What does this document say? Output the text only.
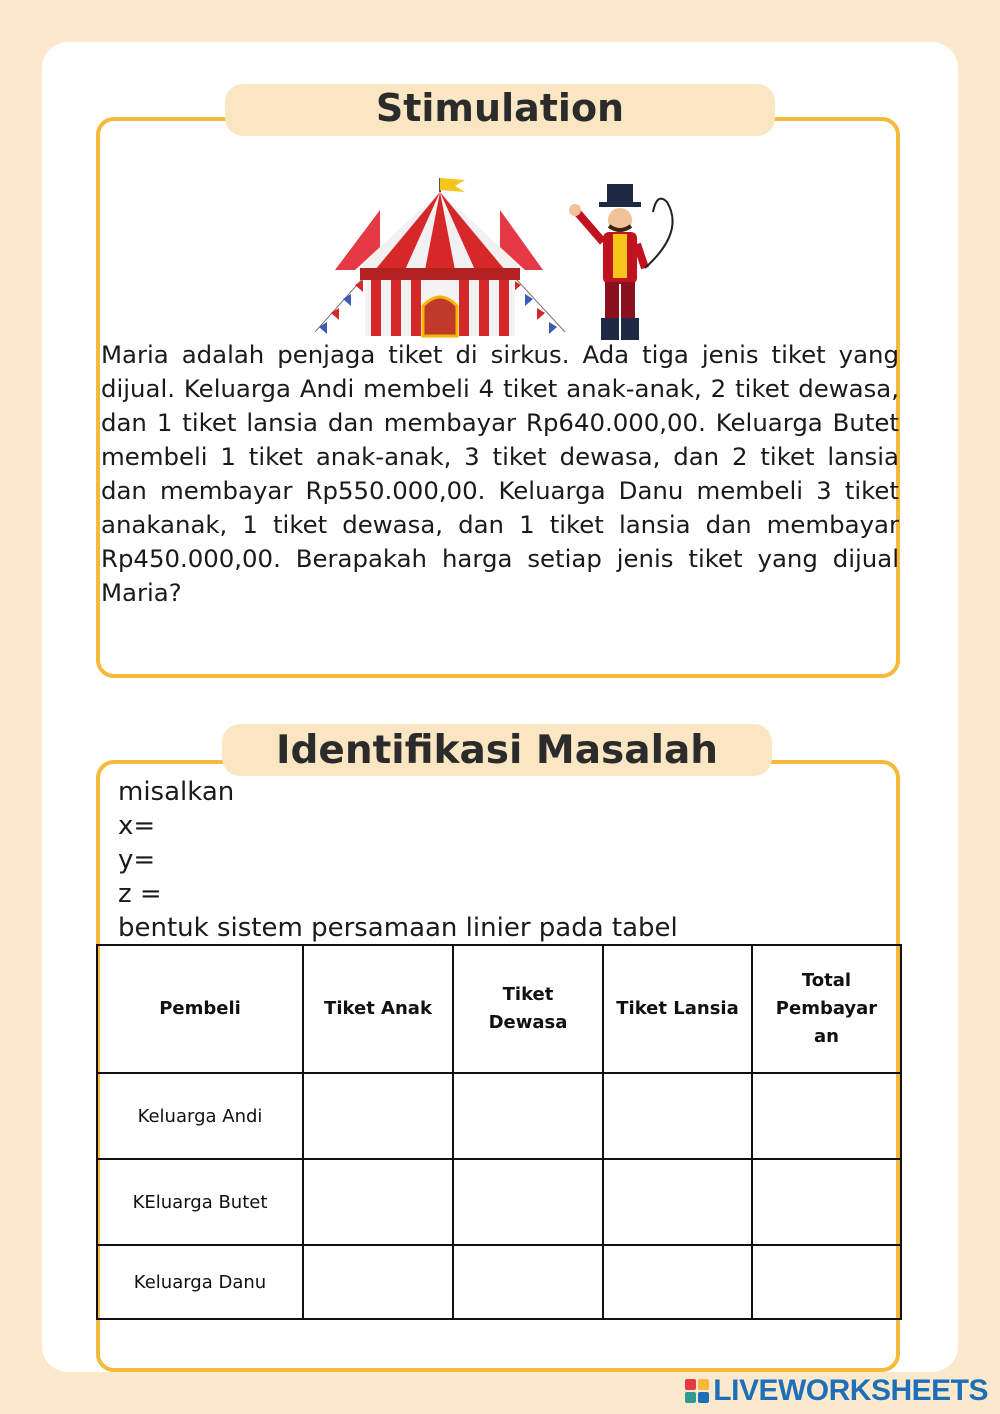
Stimulation

Maria adalah penjaga tiket di sirkus. Ada tiga jenis tiket yang dijual. Keluarga Andi membeli 4 tiket anak-anak, 2 tiket dewasa, dan 1 tiket lansia dan membayar Rp640.000,00. Keluarga Butet membeli 1 tiket anak-anak, 3 tiket dewasa, dan 2 tiket lansia dan membayar Rp550.000,00. Keluarga Danu membeli 3 tiket anakanak, 1 tiket dewasa, dan 1 tiket lansia dan membayar Rp450.000,00. Berapakah harga setiap jenis tiket yang dijual Maria?

Identifikasi Masalah

misalkan

x=

y=

z =

bentuk sistem persamaan linier pada tabel

Pembeli	Tiket Anak	Tiket Dewasa	Tiket Lansia	Total Pembayar an
Keluarga Andi				
KEluarga Butet				
Keluarga Danu				
LIVEWORKSHEETS
